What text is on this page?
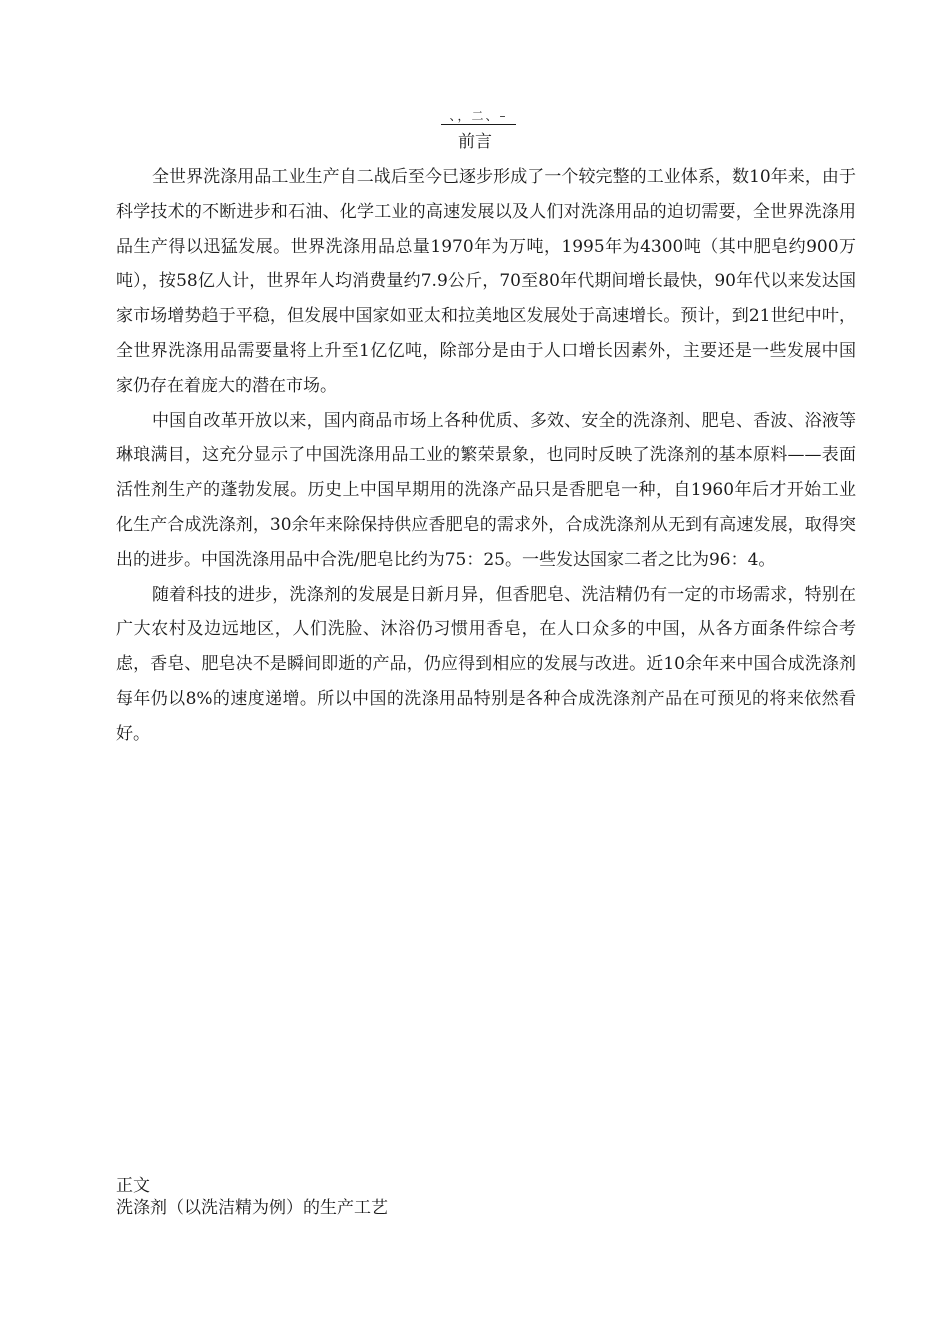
、，二、–
前言

全世界洗涤用品工业生产自二战后至今已逐步形成了一个较完整的工业体系，数10年来，由于科学技术的不断进步和石油、化学工业的高速发展以及人们对洗涤用品的迫切需要，全世界洗涤用品生产得以迅猛发展。世界洗涤用品总量1970年为万吨，1995年为4300吨（其中肥皂约900万吨），按58亿人计，世界年人均消费量约7.9公斤，70至80年代期间增长最快，90年代以来发达国家市场增势趋于平稳，但发展中国家如亚太和拉美地区发展处于高速增长。预计，到21世纪中叶，全世界洗涤用品需要量将上升至1亿亿吨，除部分是由于人口增长因素外，主要还是一些发展中国家仍存在着庞大的潜在市场。

中国自改革开放以来，国内商品市场上各种优质、多效、安全的洗涤剂、肥皂、香波、浴液等琳琅满目，这充分显示了中国洗涤用品工业的繁荣景象，也同时反映了洗涤剂的基本原料——表面活性剂生产的蓬勃发展。历史上中国早期用的洗涤产品只是香肥皂一种，自1960年后才开始工业化生产合成洗涤剂，30余年来除保持供应香肥皂的需求外，合成洗涤剂从无到有高速发展，取得突出的进步。中国洗涤用品中合洗/肥皂比约为75：25。一些发达国家二者之比为96：4。

随着科技的进步，洗涤剂的发展是日新月异，但香肥皂、洗洁精仍有一定的市场需求，特别在广大农村及边远地区，人们洗脸、沐浴仍习惯用香皂，在人口众多的中国，从各方面条件综合考虑，香皂、肥皂决不是瞬间即逝的产品，仍应得到相应的发展与改进。近10余年来中国合成洗涤剂每年仍以8%的速度递增。所以中国的洗涤用品特别是各种合成洗涤剂产品在可预见的将来依然看好。

正文
洗涤剂（以洗洁精为例）的生产工艺
